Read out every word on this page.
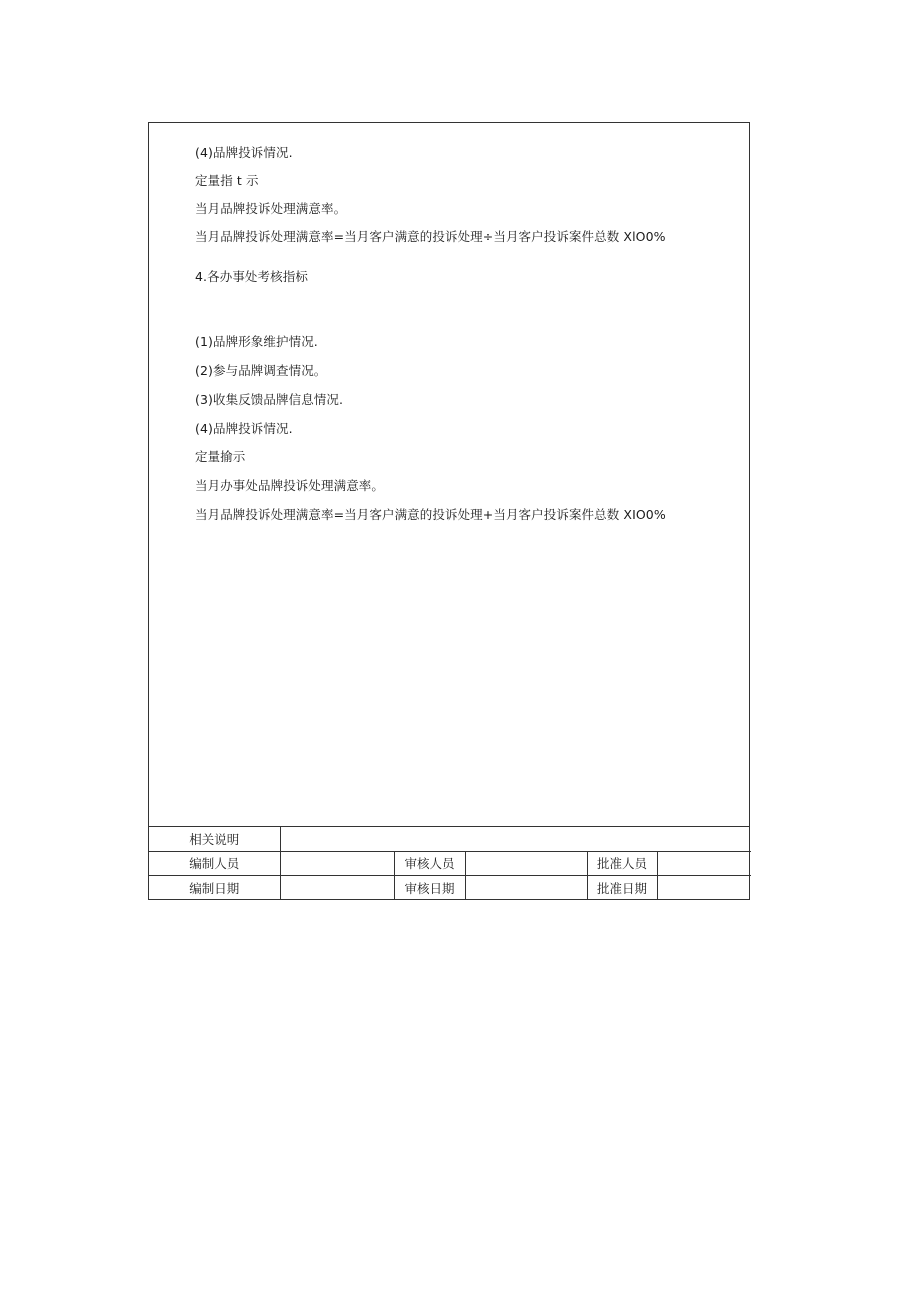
(4)品牌投诉情况.
定量指 t 示
当月品牌投诉处理满意率。
当月品牌投诉处理满意率=当月客户满意的投诉处理÷当月客户投诉案件总数 XlO0%
4.各办事处考核指标
(1)品牌形象维护情况.
(2)参与品牌调查情况。
(3)收集反馈品牌信息情况.
(4)品牌投诉情况.
定量揄示
当月办事处品牌投诉处理满意率。
当月品牌投诉处理满意率=当月客户满意的投诉处理+当月客户投诉案件总数 XIO0%
相关说明					
编制人员		审核人员		批准人员	
编制日期		审核日期		批准日期	
